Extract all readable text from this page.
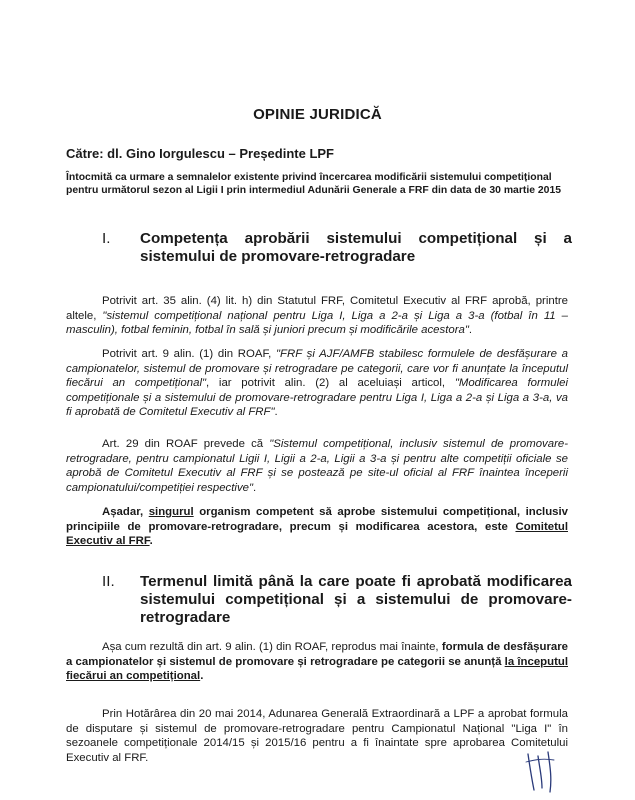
OPINIE JURIDICĂ
Către: dl. Gino Iorgulescu – Președinte LPF
Întocmită ca urmare a semnalelor existente privind încercarea modificării sistemului competițional pentru următorul sezon al Ligii I prin intermediul Adunării Generale a FRF din data de 30 martie 2015
I. Competența aprobării sistemului competițional și a sistemului de promovare-retrogradare
Potrivit art. 35 alin. (4) lit. h) din Statutul FRF, Comitetul Executiv al FRF aprobă, printre altele, "sistemul competițional național pentru Liga I, Liga a 2-a și Liga a 3-a (fotbal în 11 – masculin), fotbal feminin, fotbal în sală și juniori precum și modificările acestora".
Potrivit art. 9 alin. (1) din ROAF, "FRF și AJF/AMFB stabilesc formulele de desfășurare a campionatelor, sistemul de promovare și retrogradare pe categorii, care vor fi anunțate la începutul fiecărui an competițional", iar potrivit alin. (2) al aceluiași articol, "Modificarea formulei competiționale și a sistemului de promovare-retrogradare pentru Liga I, Liga a 2-a și Liga a 3-a, va fi aprobată de Comitetul Executiv al FRF".
Art. 29 din ROAF prevede că "Sistemul competițional, inclusiv sistemul de promovare-retrogradare, pentru campionatul Ligii I, Ligii a 2-a, Ligii a 3-a și pentru alte competiții oficiale se aprobă de Comitetul Executiv al FRF și se postează pe site-ul oficial al FRF înaintea începerii campionatului/competiției respective".
Așadar, singurul organism competent să aprobe sistemului competițional, inclusiv principiile de promovare-retrogradare, precum și modificarea acestora, este Comitetul Executiv al FRF.
II. Termenul limită până la care poate fi aprobată modificarea sistemului competițional și a sistemului de promovare-retrogradare
Așa cum rezultă din art. 9 alin. (1) din ROAF, reprodus mai înainte, formula de desfășurare a campionatelor și sistemul de promovare și retrogradare pe categorii se anunță la începutul fiecărui an competițional.
Prin Hotărârea din 20 mai 2014, Adunarea Generală Extraordinară a LPF a aprobat formula de disputare și sistemul de promovare-retrogradare pentru Campionatul Național "Liga I" în sezoanele competiționale 2014/15 și 2015/16 pentru a fi înaintate spre aprobarea Comitetului Executiv al FRF.
